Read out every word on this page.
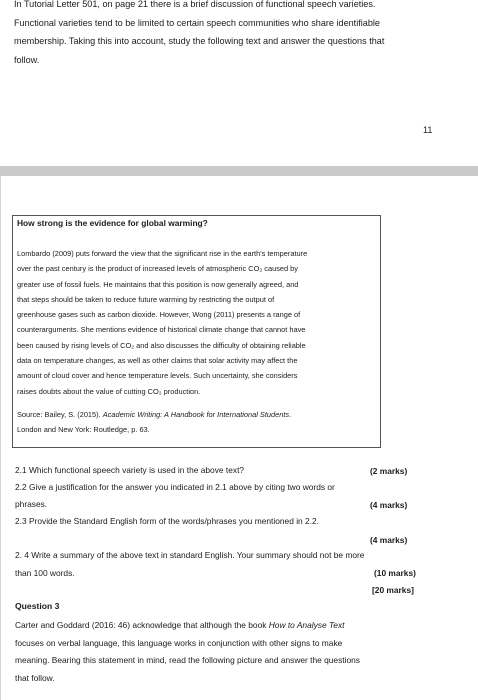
In Tutorial Letter 501, on page 21 there is a brief discussion of functional speech varieties.
Functional varieties tend to be limited to certain speech communities who share identifiable
membership. Taking this into account, study the following text and answer the questions that
follow.

11

How strong is the evidence for global warming?

Lombardo (2009) puts forward the view that the significant rise in the earth's temperature
over the past century is the product of increased levels of atmospheric CO₂ caused by
greater use of fossil fuels. He maintains that this position is now generally agreed, and
that steps should be taken to reduce future warming by restricting the output of
greenhouse gases such as carbon dioxide. However, Wong (2011) presents a range of
counterarguments. She mentions evidence of historical climate change that cannot have
been caused by rising levels of CO₂ and also discusses the difficulty of obtaining reliable
data on temperature changes, as well as other claims that solar activity may affect the
amount of cloud cover and hence temperature levels. Such uncertainty, she considers
raises doubts about the value of cutting CO₂ production.

Source: Bailey, S. (2015). Academic Writing: A Handbook for International Students.
London and New York: Routledge, p. 63.

2.1 Which functional speech variety is used in the above text?	(2 marks)

2.2 Give a justification for the answer you indicated in 2.1 above by citing two words or

phrases.	(4 marks)

2.3 Provide the Standard English form of the words/phrases you mentioned in 2.2.

(4 marks)

2. 4 Write a summary of the above text in standard English. Your summary should not be more

than 100 words.	(10 marks)
[20 marks]

Question 3

Carter and Goddard (2016: 46) acknowledge that although the book How to Analyse Text
focuses on verbal language, this language works in conjunction with other signs to make
meaning. Bearing this statement in mind, read the following picture and answer the questions
that follow.
